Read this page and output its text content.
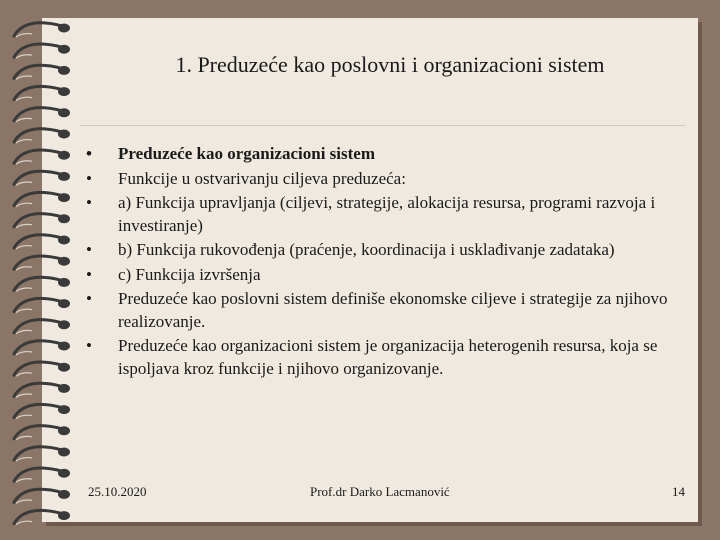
1. Preduzeće kao poslovni i organizacioni sistem
• Preduzeće kao organizacioni sistem
• Funkcije u ostvarivanju ciljeva preduzeća:
• a) Funkcija upravljanja (ciljevi, strategije, alokacija resursa, programi razvoja i investiranje)
• b) Funkcija rukovođenja (praćenje, koordinacija i usklađivanje zadataka)
• c) Funkcija izvršenja
• Preduzeće kao poslovni sistem definiše ekonomske ciljeve i strategije za njihovo realizovanje.
• Preduzeće kao organizacioni sistem je organizacija heterogenih resursa, koja se ispoljava kroz funkcije i njihovo organizovanje.
25.10.2020	Prof.dr Darko Lacmanović	14
